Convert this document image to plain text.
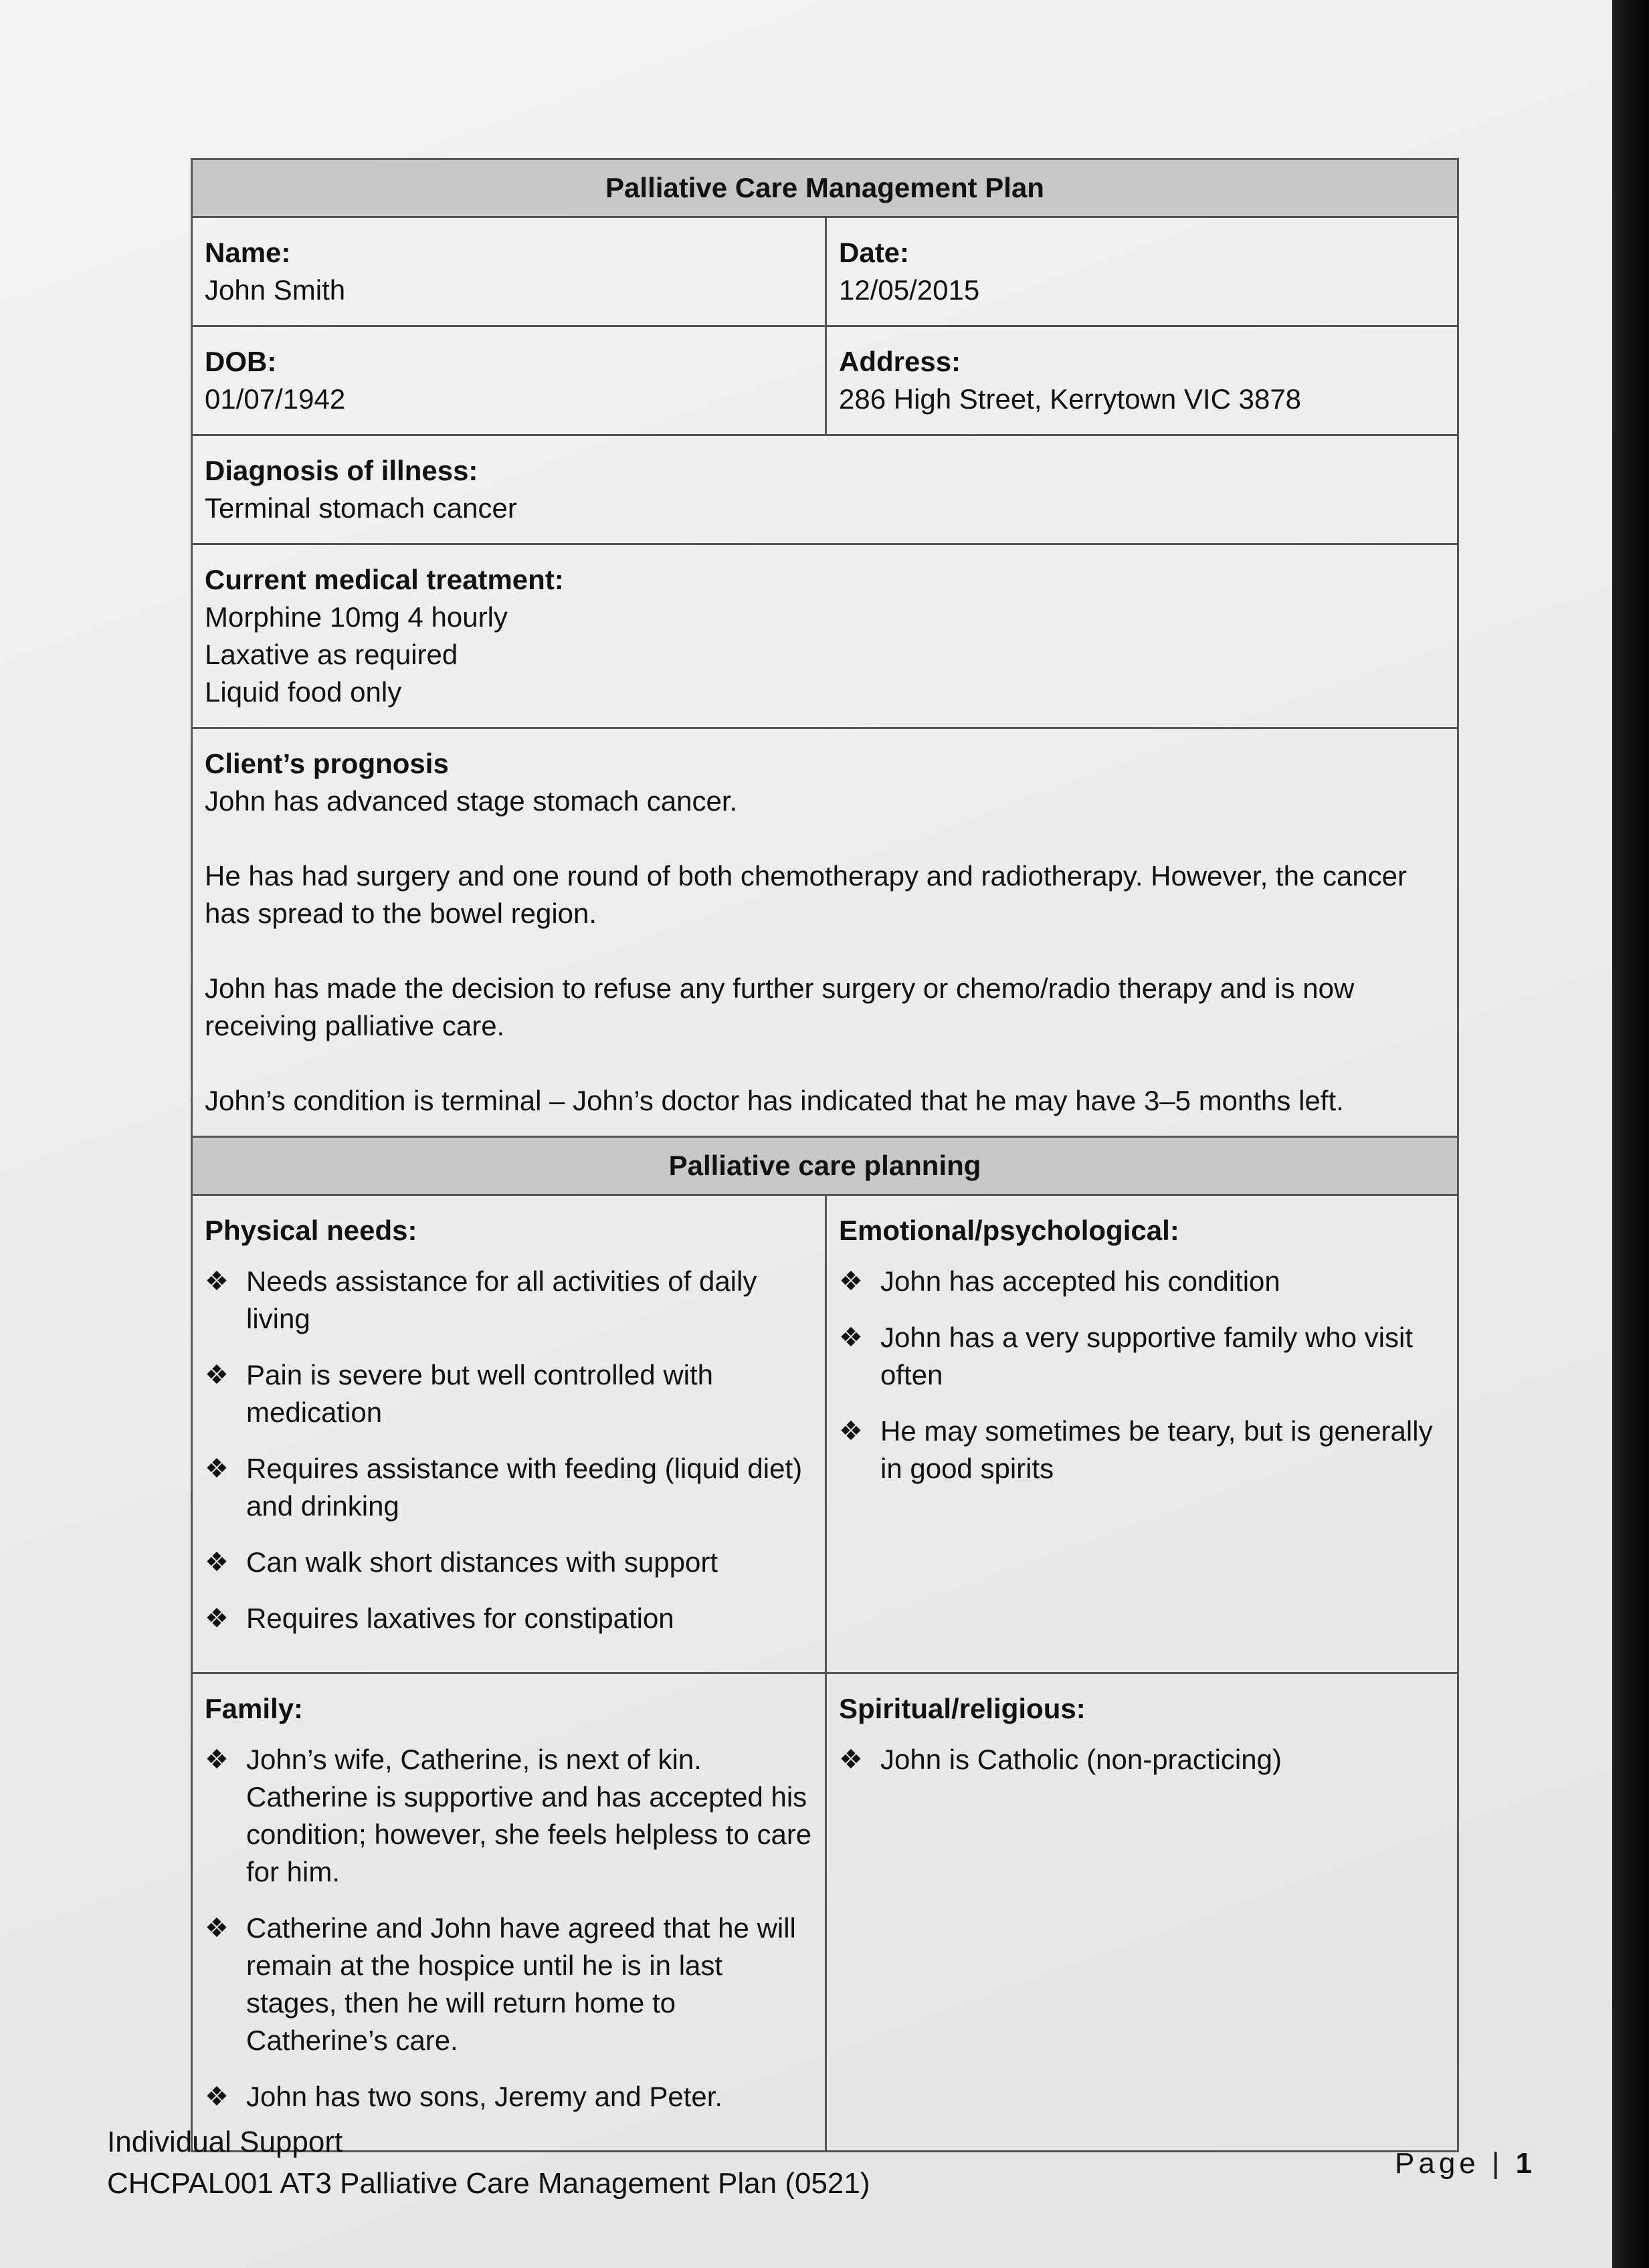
Palliative Care Management Plan
Name:
John Smith
Date:
12/05/2015
DOB:
01/07/1942
Address:
286 High Street, Kerrytown VIC 3878
Diagnosis of illness:
Terminal stomach cancer
Current medical treatment:
Morphine 10mg 4 hourly
Laxative as required
Liquid food only
Client’s prognosis
John has advanced stage stomach cancer.
He has had surgery and one round of both chemotherapy and radiotherapy. However, the cancer has spread to the bowel region.
John has made the decision to refuse any further surgery or chemo/radio therapy and is now receiving palliative care.
John’s condition is terminal – John’s doctor has indicated that he may have 3–5 months left.
Palliative care planning
Physical needs:
❖ Needs assistance for all activities of daily living
❖ Pain is severe but well controlled with medication
❖ Requires assistance with feeding (liquid diet) and drinking
❖ Can walk short distances with support
❖ Requires laxatives for constipation
Emotional/psychological:
❖ John has accepted his condition
❖ John has a very supportive family who visit often
❖ He may sometimes be teary, but is generally in good spirits
Family:
❖ John’s wife, Catherine, is next of kin. Catherine is supportive and has accepted his condition; however, she feels helpless to care for him.
❖ Catherine and John have agreed that he will remain at the hospice until he is in last stages, then he will return home to Catherine’s care.
❖ John has two sons, Jeremy and Peter.
Spiritual/religious:
❖ John is Catholic (non-practicing)
Individual Support
CHCPAL001 AT3 Palliative Care Management Plan (0521)
Page | 1
